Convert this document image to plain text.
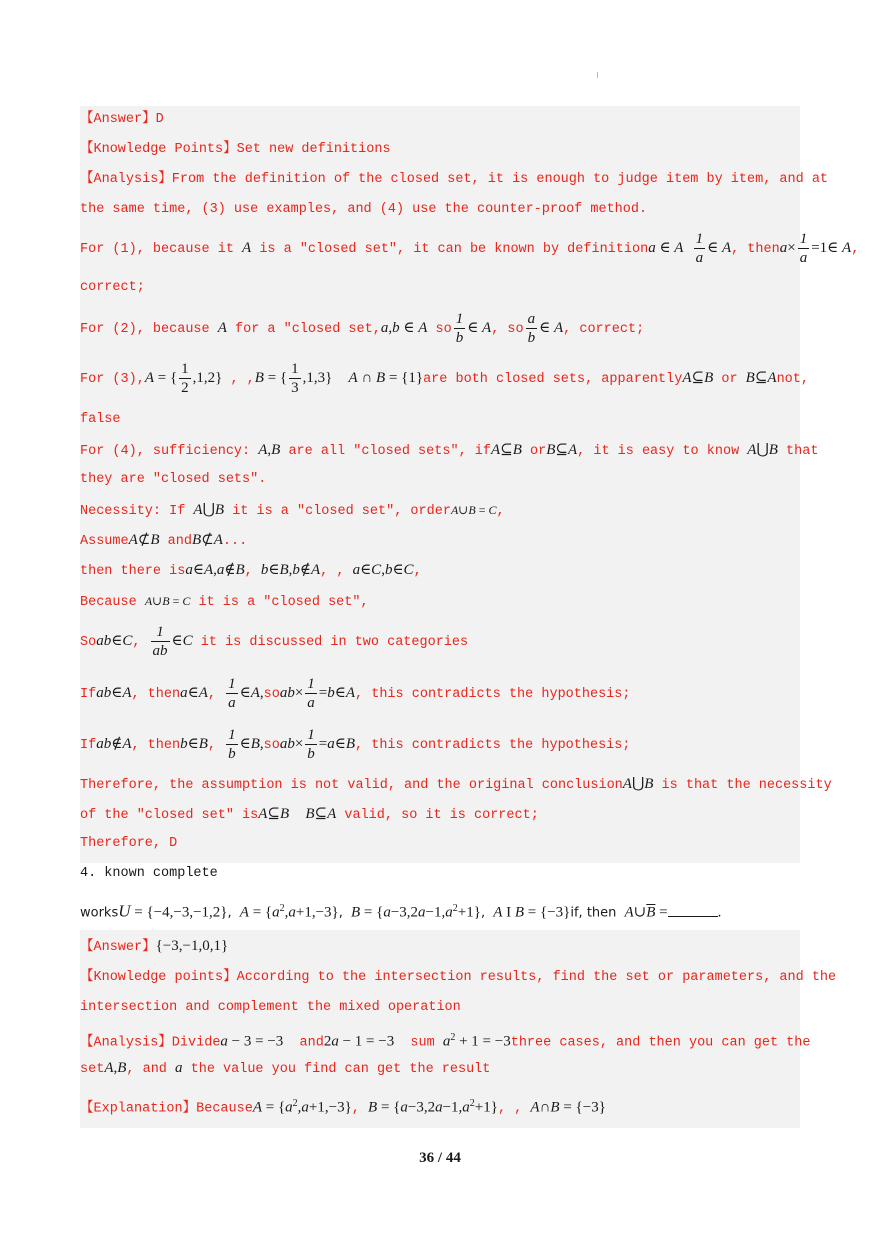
【Answer】D
【Knowledge Points】Set new definitions
【Analysis】From the definition of the closed set, it is enough to judge item by item, and at
the same time, (3) use examples, and (4) use the counter-proof method.
For (1), because it A is a "closed set", it can be known by definitiona ∈ A $\frac{1}{a}$ ∈ A, thena× $\frac{1}{a}$ =1∈ A,
correct;
For (2), because A for a "closed set,a,b ∈ A so $\frac{1}{b}$ ∈ A, so $\frac{a}{b}$ ∈ A, correct;
For (3),A = { $\frac{1}{2} ,1,2$} , ,B = { $\frac{1}{3} ,1,3$} A ∩ B = {1}are both closed sets, apparentlyA⊆B or B⊆Anot,
false
For (4), sufficiency: A,B are all "closed sets", ifA⊆B orB⊆A, it is easy to know A⋃B that
they are "closed sets".
Necessity: If A⋃B it is a "closed set", orderA∪B = C,
AssumeA⊄B andB⊄A...
then there isa∈A,a∉B, b∈B,b∉A, , a∈C,b∈C,
Because A∪B = C it is a "closed set",
Soab∈C, $\frac{1}{ab}$ ∈C it is discussed in two categories
Ifab∈A, thena∈A, $\frac{1}{a}$ ∈A,soab× $\frac{1}{a}$ =b∈A, this contradicts the hypothesis;
Ifab∉A, thenb∈B, $\frac{1}{b}$ ∈B,soab× $\frac{1}{b}$ =a∈B, this contradicts the hypothesis;
Therefore, the assumption is not valid, and the original conclusionA⋃B is that the necessity
of the "closed set" isA⊆B B⊆A valid, so it is correct;
Therefore, D
4. known complete
worksU = {−4,−3,−1,2}, $A = \{a^2,a+1,-3\}$, $B = \{a-3,2a-1,a^2+1\}$, A I B = {−3}if, then $A\cup\overline{B}$ =	.
【Answer】{−3,−1,0,1}
【Knowledge points】According to the intersection results, find the set or parameters, and the
intersection and complement the mixed operation
【Analysis】Dividea − 3 = −3  and2a − 1 = −3  sum $a^2 + 1$ = −3three cases, and then you can get the
setA,B, and a the value you find can get the result
【Explanation】BecauseA = $\{a^2,a+1,-3\}$, $B = \{a-3,2a-1,a^2+1\}$, , A∩B = {−3}
36 / 44
